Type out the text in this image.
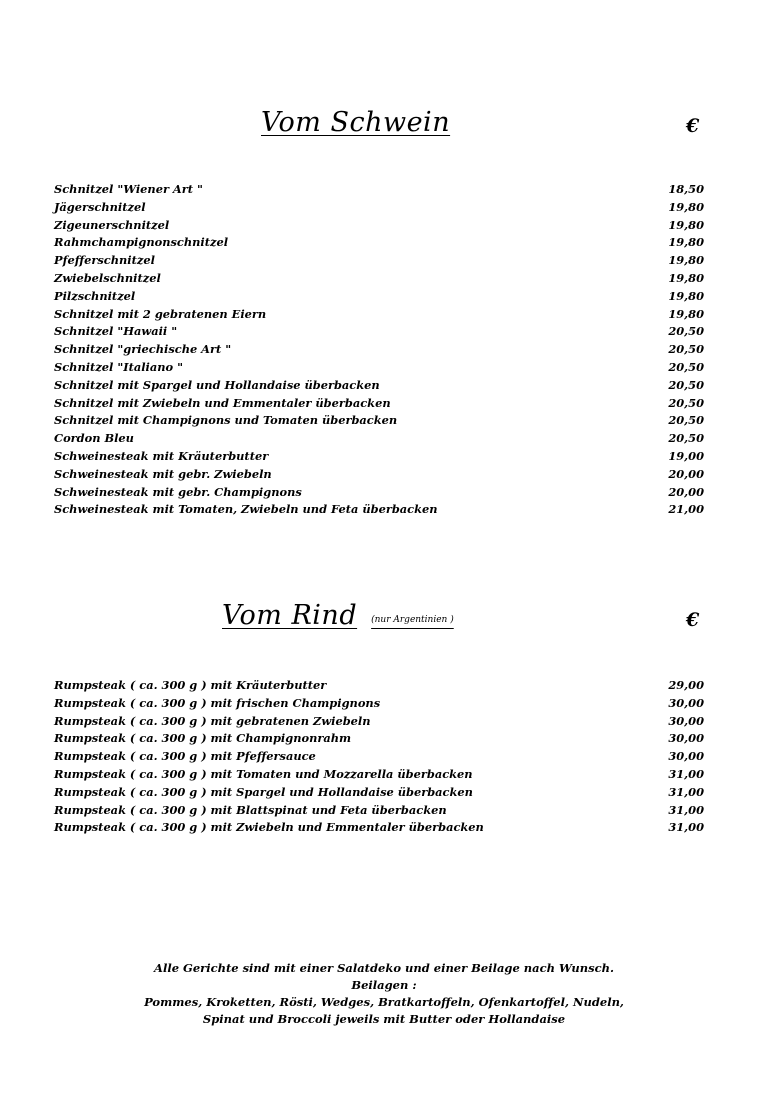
Vom Schwein	€
Schnitzel "Wiener Art "	18,50
Jägerschnitzel	19,80
Zigeunerschnitzel	19,80
Rahmchampignonschnitzel	19,80
Pfefferschnitzel	19,80
Zwiebelschnitzel	19,80
Pilzschnitzel	19,80
Schnitzel mit 2 gebratenen Eiern	19,80
Schnitzel "Hawaii "	20,50
Schnitzel "griechische Art "	20,50
Schnitzel "Italiano "	20,50
Schnitzel mit Spargel und Hollandaise überbacken	20,50
Schnitzel mit Zwiebeln und Emmentaler überbacken	20,50
Schnitzel mit Champignons und Tomaten überbacken	20,50
Cordon Bleu	20,50
Schweinesteak mit Kräuterbutter	19,00
Schweinesteak mit gebr. Zwiebeln	20,00
Schweinesteak mit gebr. Champignons	20,00
Schweinesteak mit Tomaten, Zwiebeln und Feta überbacken	21,00
Vom Rind (nur Argentinien )	€
Rumpsteak ( ca. 300 g ) mit Kräuterbutter	29,00
Rumpsteak ( ca. 300 g ) mit frischen Champignons	30,00
Rumpsteak ( ca. 300 g ) mit gebratenen Zwiebeln	30,00
Rumpsteak ( ca. 300 g ) mit Champignonrahm	30,00
Rumpsteak ( ca. 300 g ) mit Pfeffersauce	30,00
Rumpsteak ( ca. 300 g ) mit Tomaten und Mozzarella überbacken	31,00
Rumpsteak ( ca. 300 g ) mit Spargel und Hollandaise überbacken	31,00
Rumpsteak ( ca. 300 g ) mit Blattspinat und Feta überbacken	31,00
Rumpsteak ( ca. 300 g ) mit Zwiebeln und Emmentaler überbacken	31,00
Alle Gerichte sind mit einer Salatdeko und einer Beilage nach Wunsch.
Beilagen :
Pommes, Kroketten, Rösti, Wedges, Bratkartoffeln, Ofenkartoffel, Nudeln,
Spinat und Broccoli jeweils mit Butter oder Hollandaise
